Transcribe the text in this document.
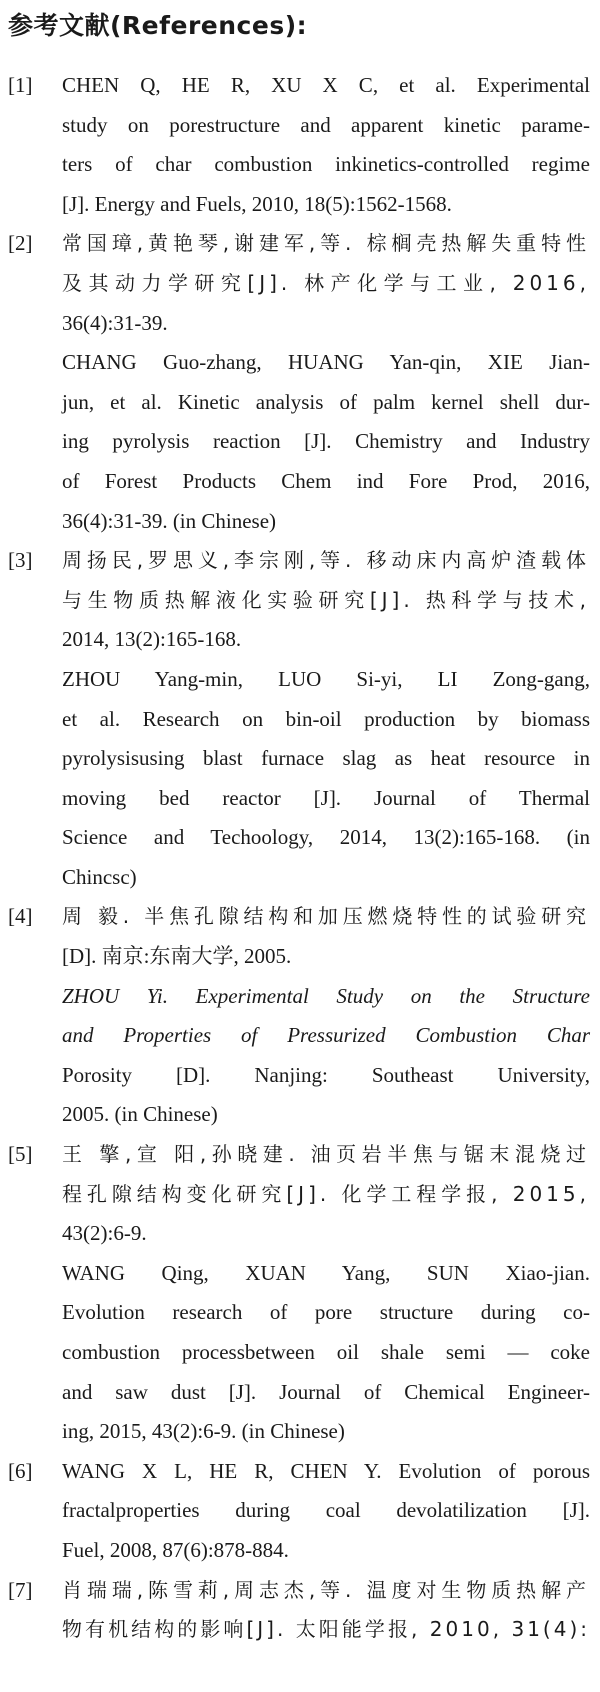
参考文献(References):
[1] CHEN Q, HE R, XU X C, et al. Experimental
study on porestructure and apparent kinetic parame-
ters of char combustion inkinetics-controlled regime
[J]. Energy and Fuels, 2010, 18(5):1562-1568.
[2] 常国璋,黄艳琴,谢建军,等. 棕榈壳热解失重特性
及其动力学研究[J]. 林产化学与工业, 2016,
36(4):31-39.
CHANG Guo-zhang, HUANG Yan-qin, XIE Jian-
jun, et al. Kinetic analysis of palm kernel shell dur-
ing pyrolysis reaction [J]. Chemistry and Industry
of Forest Products Chem ind Fore Prod, 2016,
36(4):31-39. (in Chinese)
[3] 周扬民,罗思义,李宗刚,等. 移动床内高炉渣载体
与生物质热解液化实验研究[J]. 热科学与技术,
2014, 13(2):165-168.
ZHOU Yang-min, LUO Si-yi, LI Zong-gang,
et al. Research on bin-oil production by biomass
pyrolysisusing blast furnace slag as heat resource in
moving bed reactor [J]. Journal of Thermal
Science and Techoology, 2014, 13(2):165-168. (in
Chincsc)
[4] 周 毅. 半焦孔隙结构和加压燃烧特性的试验研究
[D]. 南京:东南大学, 2005.
ZHOU Yi. Experimental Study on the Structure
and Properties of Pressurized Combustion Char
Porosity [D]. Nanjing: Southeast University,
2005. (in Chinese)
[5] 王 擎,宣 阳,孙晓建. 油页岩半焦与锯末混烧过
程孔隙结构变化研究[J]. 化学工程学报, 2015,
43(2):6-9.
WANG Qing, XUAN Yang, SUN Xiao-jian.
Evolution research of pore structure during co-
combustion processbetween oil shale semi — coke
and saw dust [J]. Journal of Chemical Engineer-
ing, 2015, 43(2):6-9. (in Chinese)
[6] WANG X L, HE R, CHEN Y. Evolution of porous
fractalproperties during coal devolatilization [J].
Fuel, 2008, 87(6):878-884.
[7] 肖瑞瑞,陈雪莉,周志杰,等. 温度对生物质热解产
物有机结构的影响[J]. 太阳能学报, 2010, 31(4):
